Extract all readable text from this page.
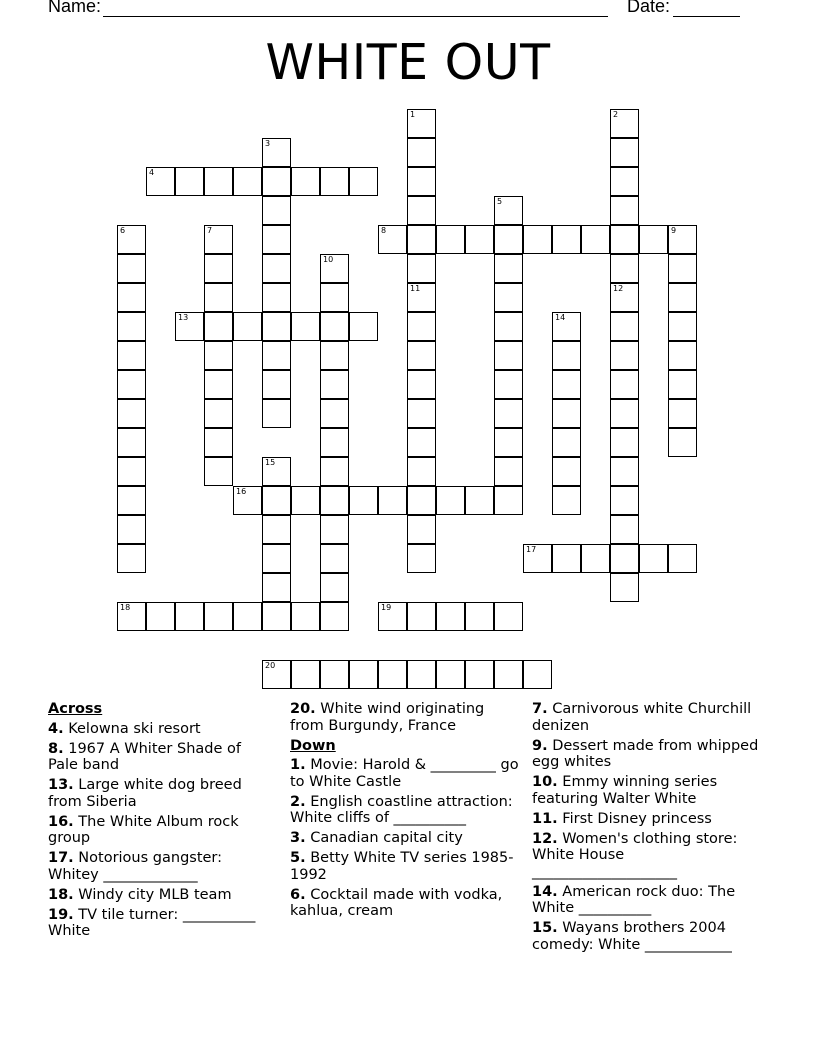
Name:	Date:
WHITE OUT
4
8	9
13
16
17
18	19
20
1
11
2
12
3
5
6	7
10
14
15
Across
4. Kelowna ski resort
8. 1967 A Whiter Shade of Pale band
13. Large white dog breed from Siberia
16. The White Album rock group
17. Notorious gangster: Whitey _____________
18. Windy city MLB team
19. TV tile turner: __________ White
20. White wind originating from Burgundy, France
Down
1. Movie: Harold & _________ go to White Castle
2. English coastline attraction: White cliffs of __________
3. Canadian capital city
5. Betty White TV series 1985-1992
6. Cocktail made with vodka, kahlua, cream
7. Carnivorous white Churchill denizen
9. Dessert made from whipped egg whites
10. Emmy winning series featuring Walter White
11. First Disney princess
12. Women's clothing store: White House ____________________
14. American rock duo: The White __________
15. Wayans brothers 2004 comedy: White ____________
